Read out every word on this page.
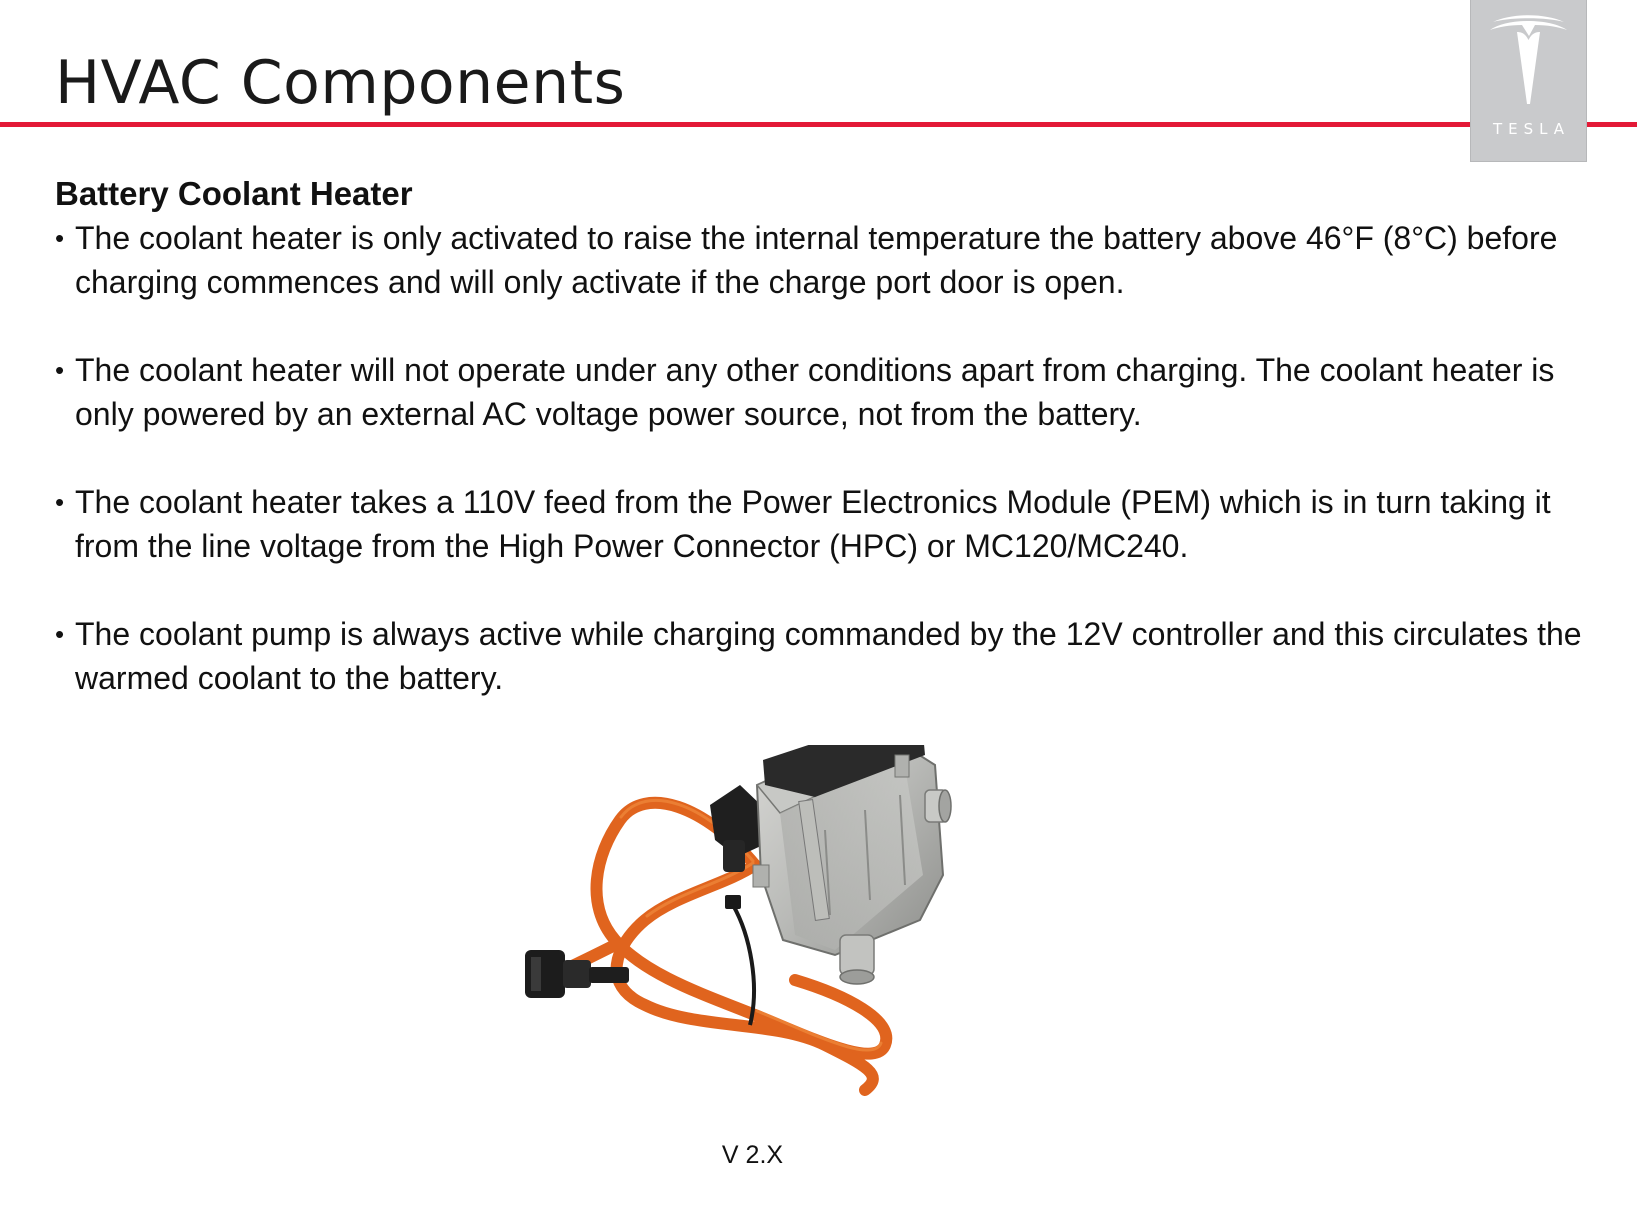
HVAC Components
TESLA
Battery Coolant Heater
• The coolant heater is only activated to raise the internal temperature the battery above 46°F (8°C) before charging commences and will only activate if the charge port door is open.
• The coolant heater will not operate under any other conditions apart from charging. The coolant heater is only powered by an external AC voltage power source, not from the battery.
• The coolant heater takes a 110V feed from the Power Electronics Module (PEM) which is in turn taking it from the line voltage from the High Power Connector (HPC) or MC120/MC240.
• The coolant pump is always active while charging commanded by the 12V controller and this circulates the warmed coolant to the battery.
V 2.X
